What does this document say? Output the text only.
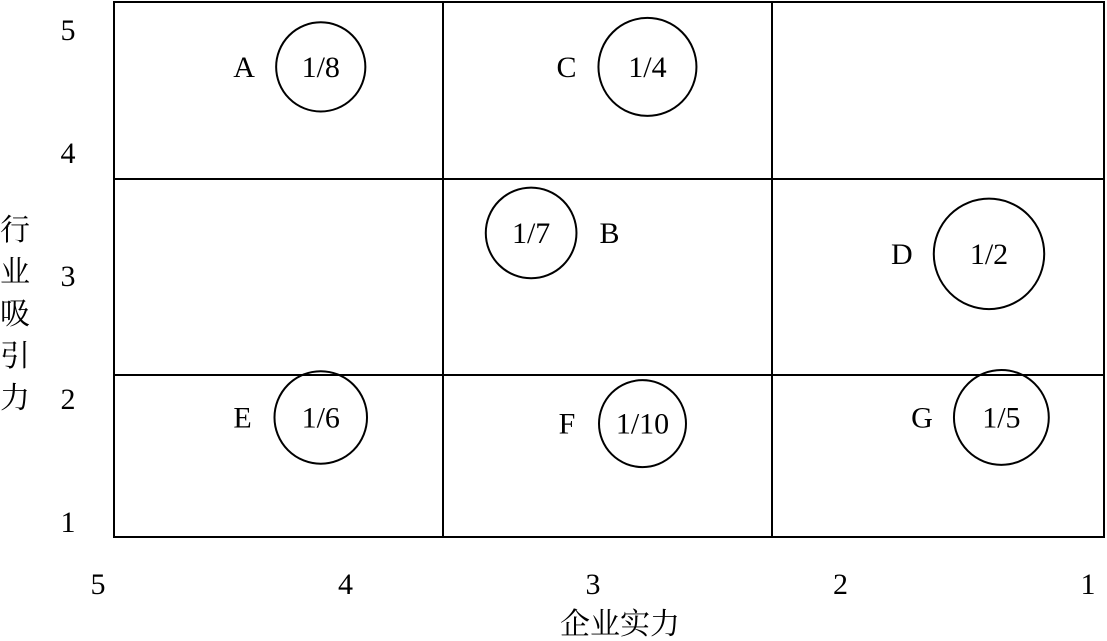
5
4
3
2
1
5	4	3	2	1
1/8
A	1/4
C
1/7 B
1/2
D
1/6
E	1/10
F	1/5
G
企业实力
行业吸引力
